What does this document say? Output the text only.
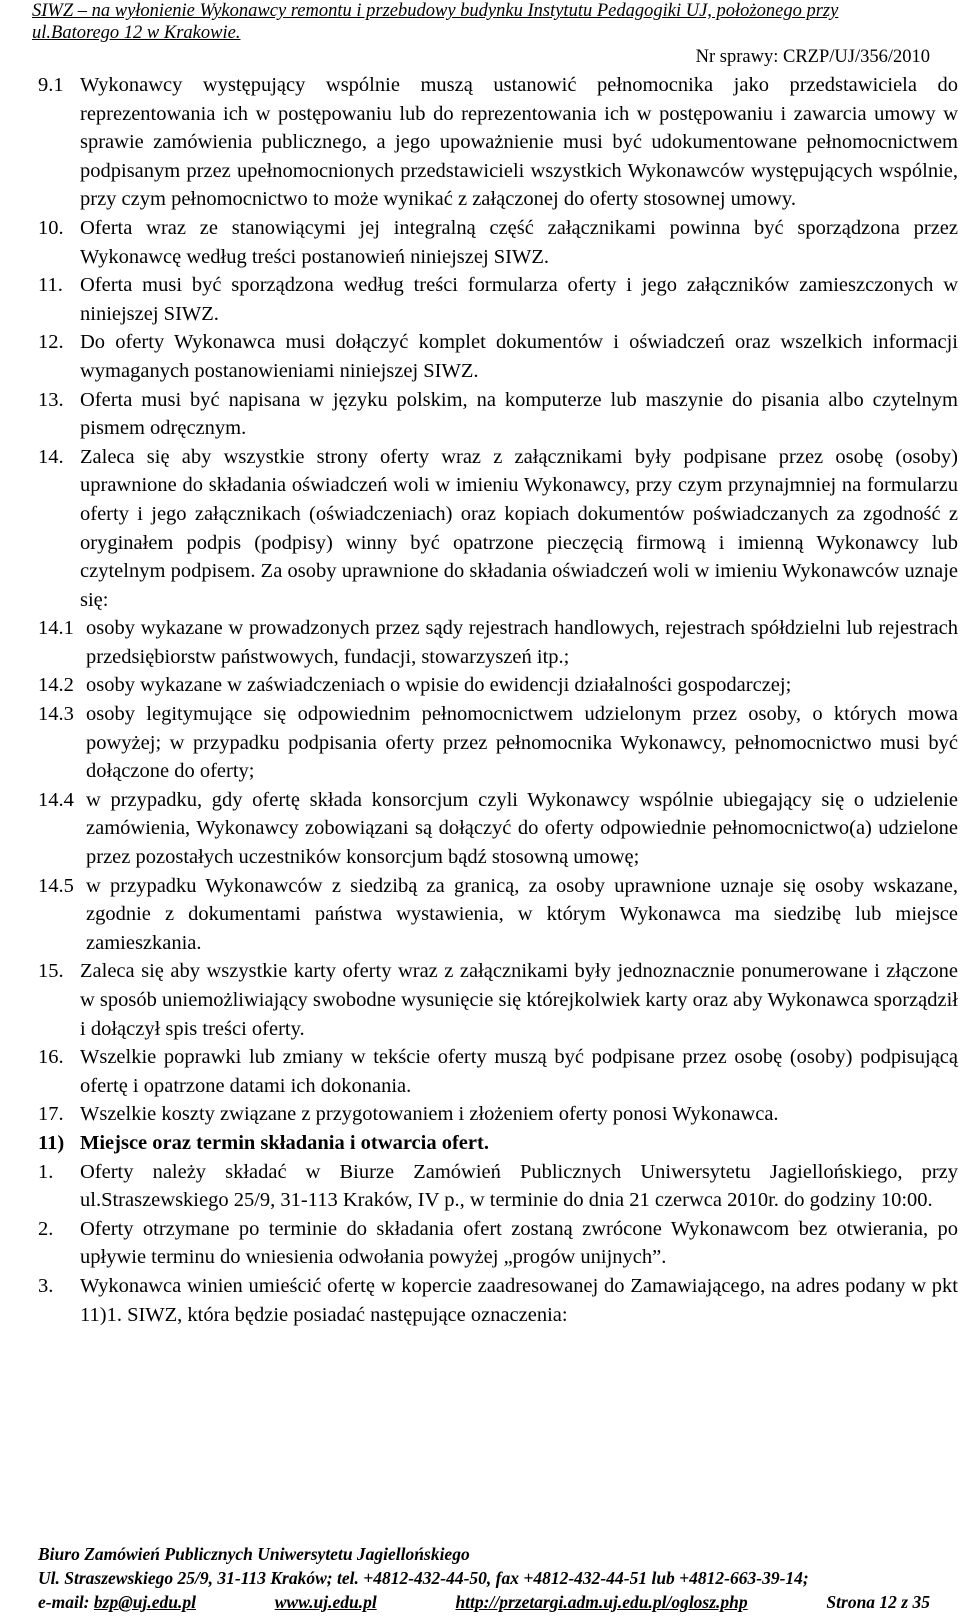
SIWZ – na wyłonienie Wykonawcy remontu i przebudowy budynku Instytutu Pedagogiki UJ, położonego przy
ul.Batorego 12 w Krakowie.
Nr sprawy: CRZP/UJ/356/2010
9.1 Wykonawcy występujący wspólnie muszą ustanowić pełnomocnika jako przedstawiciela do reprezentowania ich w postępowaniu lub do reprezentowania ich w postępowaniu i zawarcia umowy w sprawie zamówienia publicznego, a jego upoważnienie musi być udokumentowane pełnomocnictwem podpisanym przez upełnomocnionych przedstawicieli wszystkich Wykonawców występujących wspólnie, przy czym pełnomocnictwo to może wynikać z załączonej do oferty stosownej umowy.
10. Oferta wraz ze stanowiącymi jej integralną część załącznikami powinna być sporządzona przez Wykonawcę według treści postanowień niniejszej SIWZ.
11. Oferta musi być sporządzona według treści formularza oferty i jego załączników zamieszczonych w niniejszej SIWZ.
12. Do oferty Wykonawca musi dołączyć komplet dokumentów i oświadczeń oraz wszelkich informacji wymaganych postanowieniami niniejszej SIWZ.
13. Oferta musi być napisana w języku polskim, na komputerze lub maszynie do pisania albo czytelnym pismem odręcznym.
14. Zaleca się aby wszystkie strony oferty wraz z załącznikami były podpisane przez osobę (osoby) uprawnione do składania oświadczeń woli w imieniu Wykonawcy, przy czym przynajmniej na formularzu oferty i jego załącznikach (oświadczeniach) oraz kopiach dokumentów poświadczanych za zgodność z oryginałem podpis (podpisy) winny być opatrzone pieczęcią firmową i imienną Wykonawcy lub czytelnym podpisem. Za osoby uprawnione do składania oświadczeń woli w imieniu Wykonawców uznaje się:
14.1 osoby wykazane w prowadzonych przez sądy rejestrach handlowych, rejestrach spółdzielni lub rejestrach przedsiębiorstw państwowych, fundacji, stowarzyszeń itp.;
14.2 osoby wykazane w zaświadczeniach o wpisie do ewidencji działalności gospodarczej;
14.3 osoby legitymujące się odpowiednim pełnomocnictwem udzielonym przez osoby, o których mowa powyżej; w przypadku podpisania oferty przez pełnomocnika Wykonawcy, pełnomocnictwo musi być dołączone do oferty;
14.4 w przypadku, gdy ofertę składa konsorcjum czyli Wykonawcy wspólnie ubiegający się o udzielenie zamówienia, Wykonawcy zobowiązani są dołączyć do oferty odpowiednie pełnomocnictwo(a) udzielone przez pozostałych uczestników konsorcjum bądź stosowną umowę;
14.5 w przypadku Wykonawców z siedzibą za granicą, za osoby uprawnione uznaje się osoby wskazane, zgodnie z dokumentami państwa wystawienia, w którym Wykonawca ma siedzibę lub miejsce zamieszkania.
15. Zaleca się aby wszystkie karty oferty wraz z załącznikami były jednoznacznie ponumerowane i złączone w sposób uniemożliwiający swobodne wysunięcie się którejkolwiek karty oraz aby Wykonawca sporządził i dołączył spis treści oferty.
16. Wszelkie poprawki lub zmiany w tekście oferty muszą być podpisane przez osobę (osoby) podpisującą ofertę i opatrzone datami ich dokonania.
17. Wszelkie koszty związane z przygotowaniem i złożeniem oferty ponosi Wykonawca.
11) Miejsce oraz termin składania i otwarcia ofert.
1. Oferty należy składać w Biurze Zamówień Publicznych Uniwersytetu Jagiellońskiego, przy ul.Straszewskiego 25/9, 31-113 Kraków, IV p., w terminie do dnia 21 czerwca 2010r. do godziny 10:00.
2. Oferty otrzymane po terminie do składania ofert zostaną zwrócone Wykonawcom bez otwierania, po upływie terminu do wniesienia odwołania powyżej „progów unijnych”.
3. Wykonawca winien umieścić ofertę w kopercie zaadresowanej do Zamawiającego, na adres podany w pkt 11)1. SIWZ, która będzie posiadać następujące oznaczenia:
Biuro Zamówień Publicznych Uniwersytetu Jagiellońskiego
Ul. Straszewskiego 25/9, 31-113 Kraków; tel. +4812-432-44-50, fax +4812-432-44-51 lub +4812-663-39-14;
e-mail: bzp@uj.edu.pl	www.uj.edu.pl	http://przetargi.adm.uj.edu.pl/oglosz.php	Strona 12 z 35
